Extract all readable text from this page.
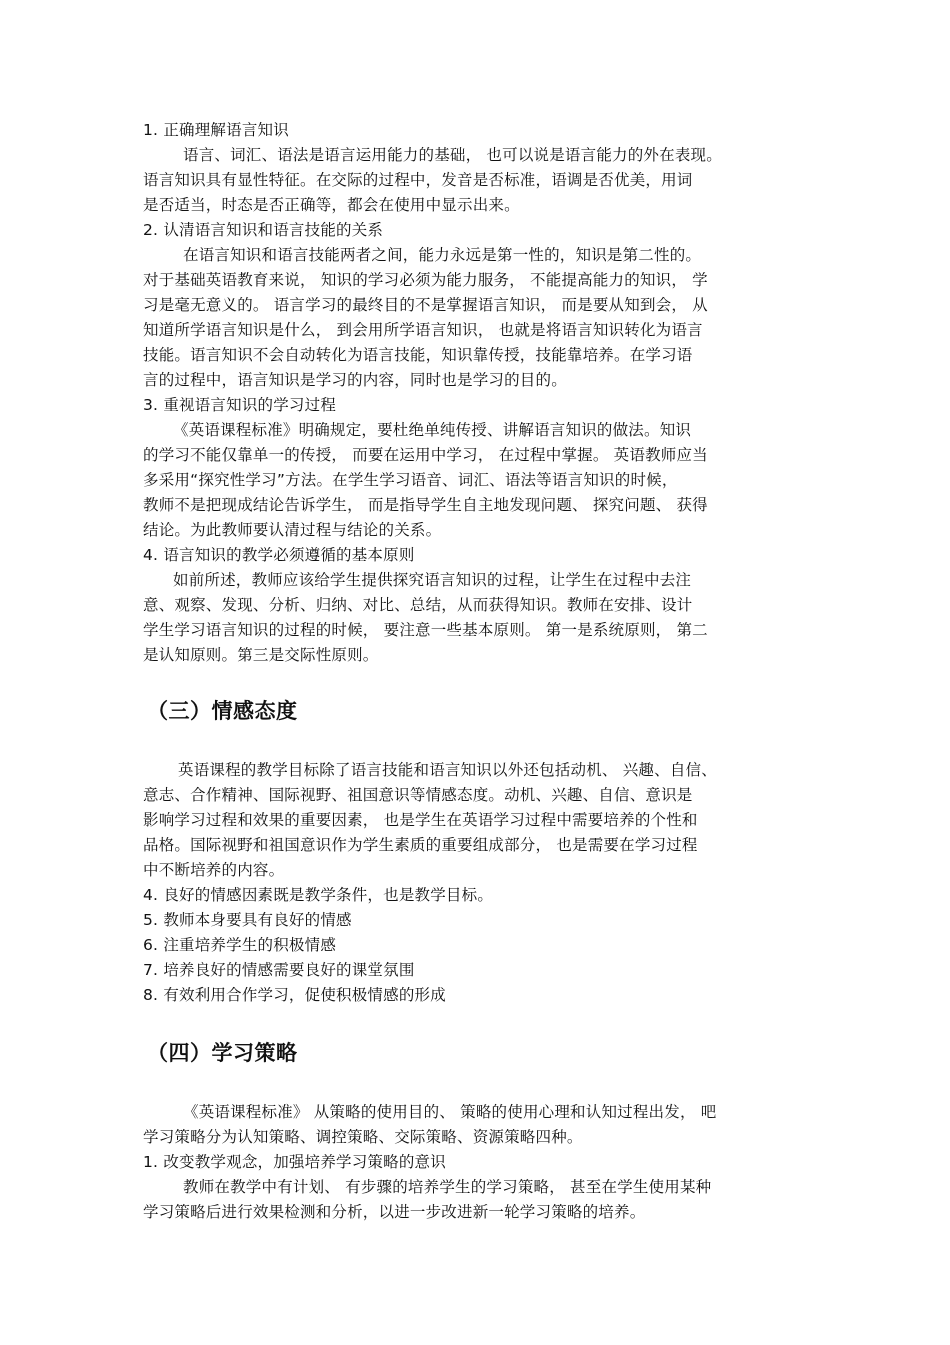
1. 正确理解语言知识

语言、词汇、语法是语言运用能力的基础， 也可以说是语言能力的外在表现。

语言知识具有显性特征。在交际的过程中，发音是否标准，语调是否优美，用词

是否适当，时态是否正确等，都会在使用中显示出来。

2. 认清语言知识和语言技能的关系

在语言知识和语言技能两者之间，能力永远是第一性的，知识是第二性的。

对于基础英语教育来说， 知识的学习必须为能力服务， 不能提高能力的知识， 学

习是毫无意义的。 语言学习的最终目的不是掌握语言知识， 而是要从知到会， 从

知道所学语言知识是什么， 到会用所学语言知识， 也就是将语言知识转化为语言

技能。语言知识不会自动转化为语言技能，知识靠传授，技能靠培养。在学习语

言的过程中，语言知识是学习的内容，同时也是学习的目的。

3. 重视语言知识的学习过程

《英语课程标准》明确规定，要杜绝单纯传授、讲解语言知识的做法。知识

的学习不能仅靠单一的传授， 而要在运用中学习， 在过程中掌握。 英语教师应当

多采用“探究性学习”方法。在学生学习语音、词汇、语法等语言知识的时候，

教师不是把现成结论告诉学生， 而是指导学生自主地发现问题、 探究问题、 获得

结论。为此教师要认清过程与结论的关系。

4. 语言知识的教学必须遵循的基本原则

如前所述，教师应该给学生提供探究语言知识的过程，让学生在过程中去注

意、观察、发现、分析、归纳、对比、总结，从而获得知识。教师在安排、设计

学生学习语言知识的过程的时候， 要注意一些基本原则。 第一是系统原则， 第二

是认知原则。第三是交际性原则。

（三）情感态度

英语课程的教学目标除了语言技能和语言知识以外还包括动机、 兴趣、自信、

意志、合作精神、国际视野、祖国意识等情感态度。动机、兴趣、自信、意识是

影响学习过程和效果的重要因素， 也是学生在英语学习过程中需要培养的个性和

品格。国际视野和祖国意识作为学生素质的重要组成部分， 也是需要在学习过程

中不断培养的内容。

4. 良好的情感因素既是教学条件，也是教学目标。

5. 教师本身要具有良好的情感

6. 注重培养学生的积极情感

7. 培养良好的情感需要良好的课堂氛围

8. 有效利用合作学习，促使积极情感的形成

（四）学习策略

《英语课程标准》 从策略的使用目的、 策略的使用心理和认知过程出发， 吧

学习策略分为认知策略、调控策略、交际策略、资源策略四种。

1. 改变教学观念，加强培养学习策略的意识

教师在教学中有计划、 有步骤的培养学生的学习策略， 甚至在学生使用某种

学习策略后进行效果检测和分析，以进一步改进新一轮学习策略的培养。
